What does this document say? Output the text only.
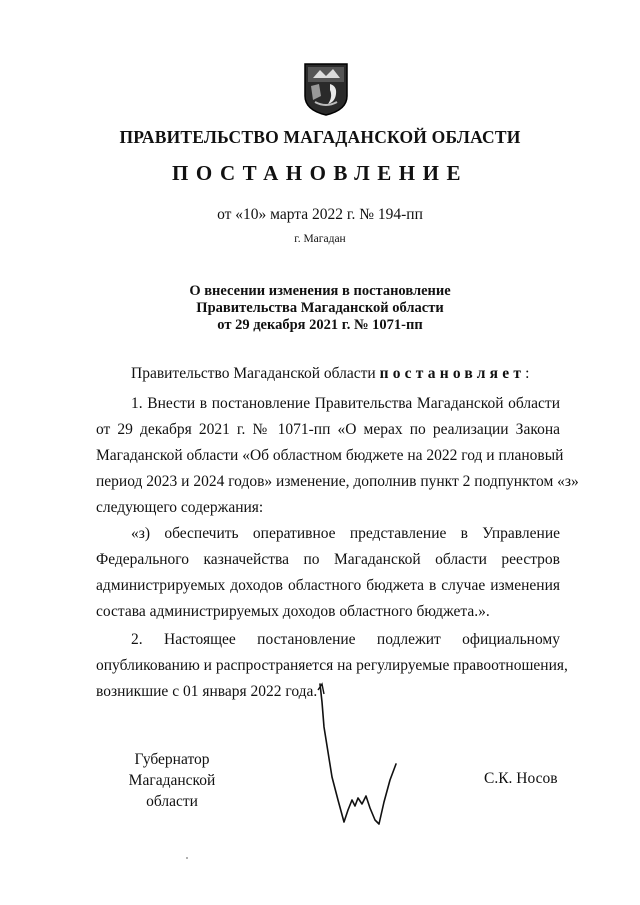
ПРАВИТЕЛЬСТВО МАГАДАНСКОЙ ОБЛАСТИ
ПОСТАНОВЛЕНИЕ
от «10» марта 2022 г. № 194-пп
г. Магадан
О внесении изменения в постановление
Правительства Магаданской области
от 29 декабря 2021 г. № 1071-пп
Правительство Магаданской области постановляет:
1. Внести в постановление Правительства Магаданской области
от 29 декабря 2021 г. № 1071-пп «О мерах по реализации Закона
Магаданской области «Об областном бюджете на 2022 год и плановый
период 2023 и 2024 годов» изменение, дополнив пункт 2 подпунктом «з»
следующего содержания:
«з) обеспечить оперативное представление в Управление
Федерального казначейства по Магаданской области реестров
администрируемых доходов областного бюджета в случае изменения
состава администрируемых доходов областного бюджета.».
2. Настоящее постановление подлежит официальному
опубликованию и распространяется на регулируемые правоотношения,
возникшие с 01 января 2022 года.
Губернатор
Магаданской области
С.К. Носов
